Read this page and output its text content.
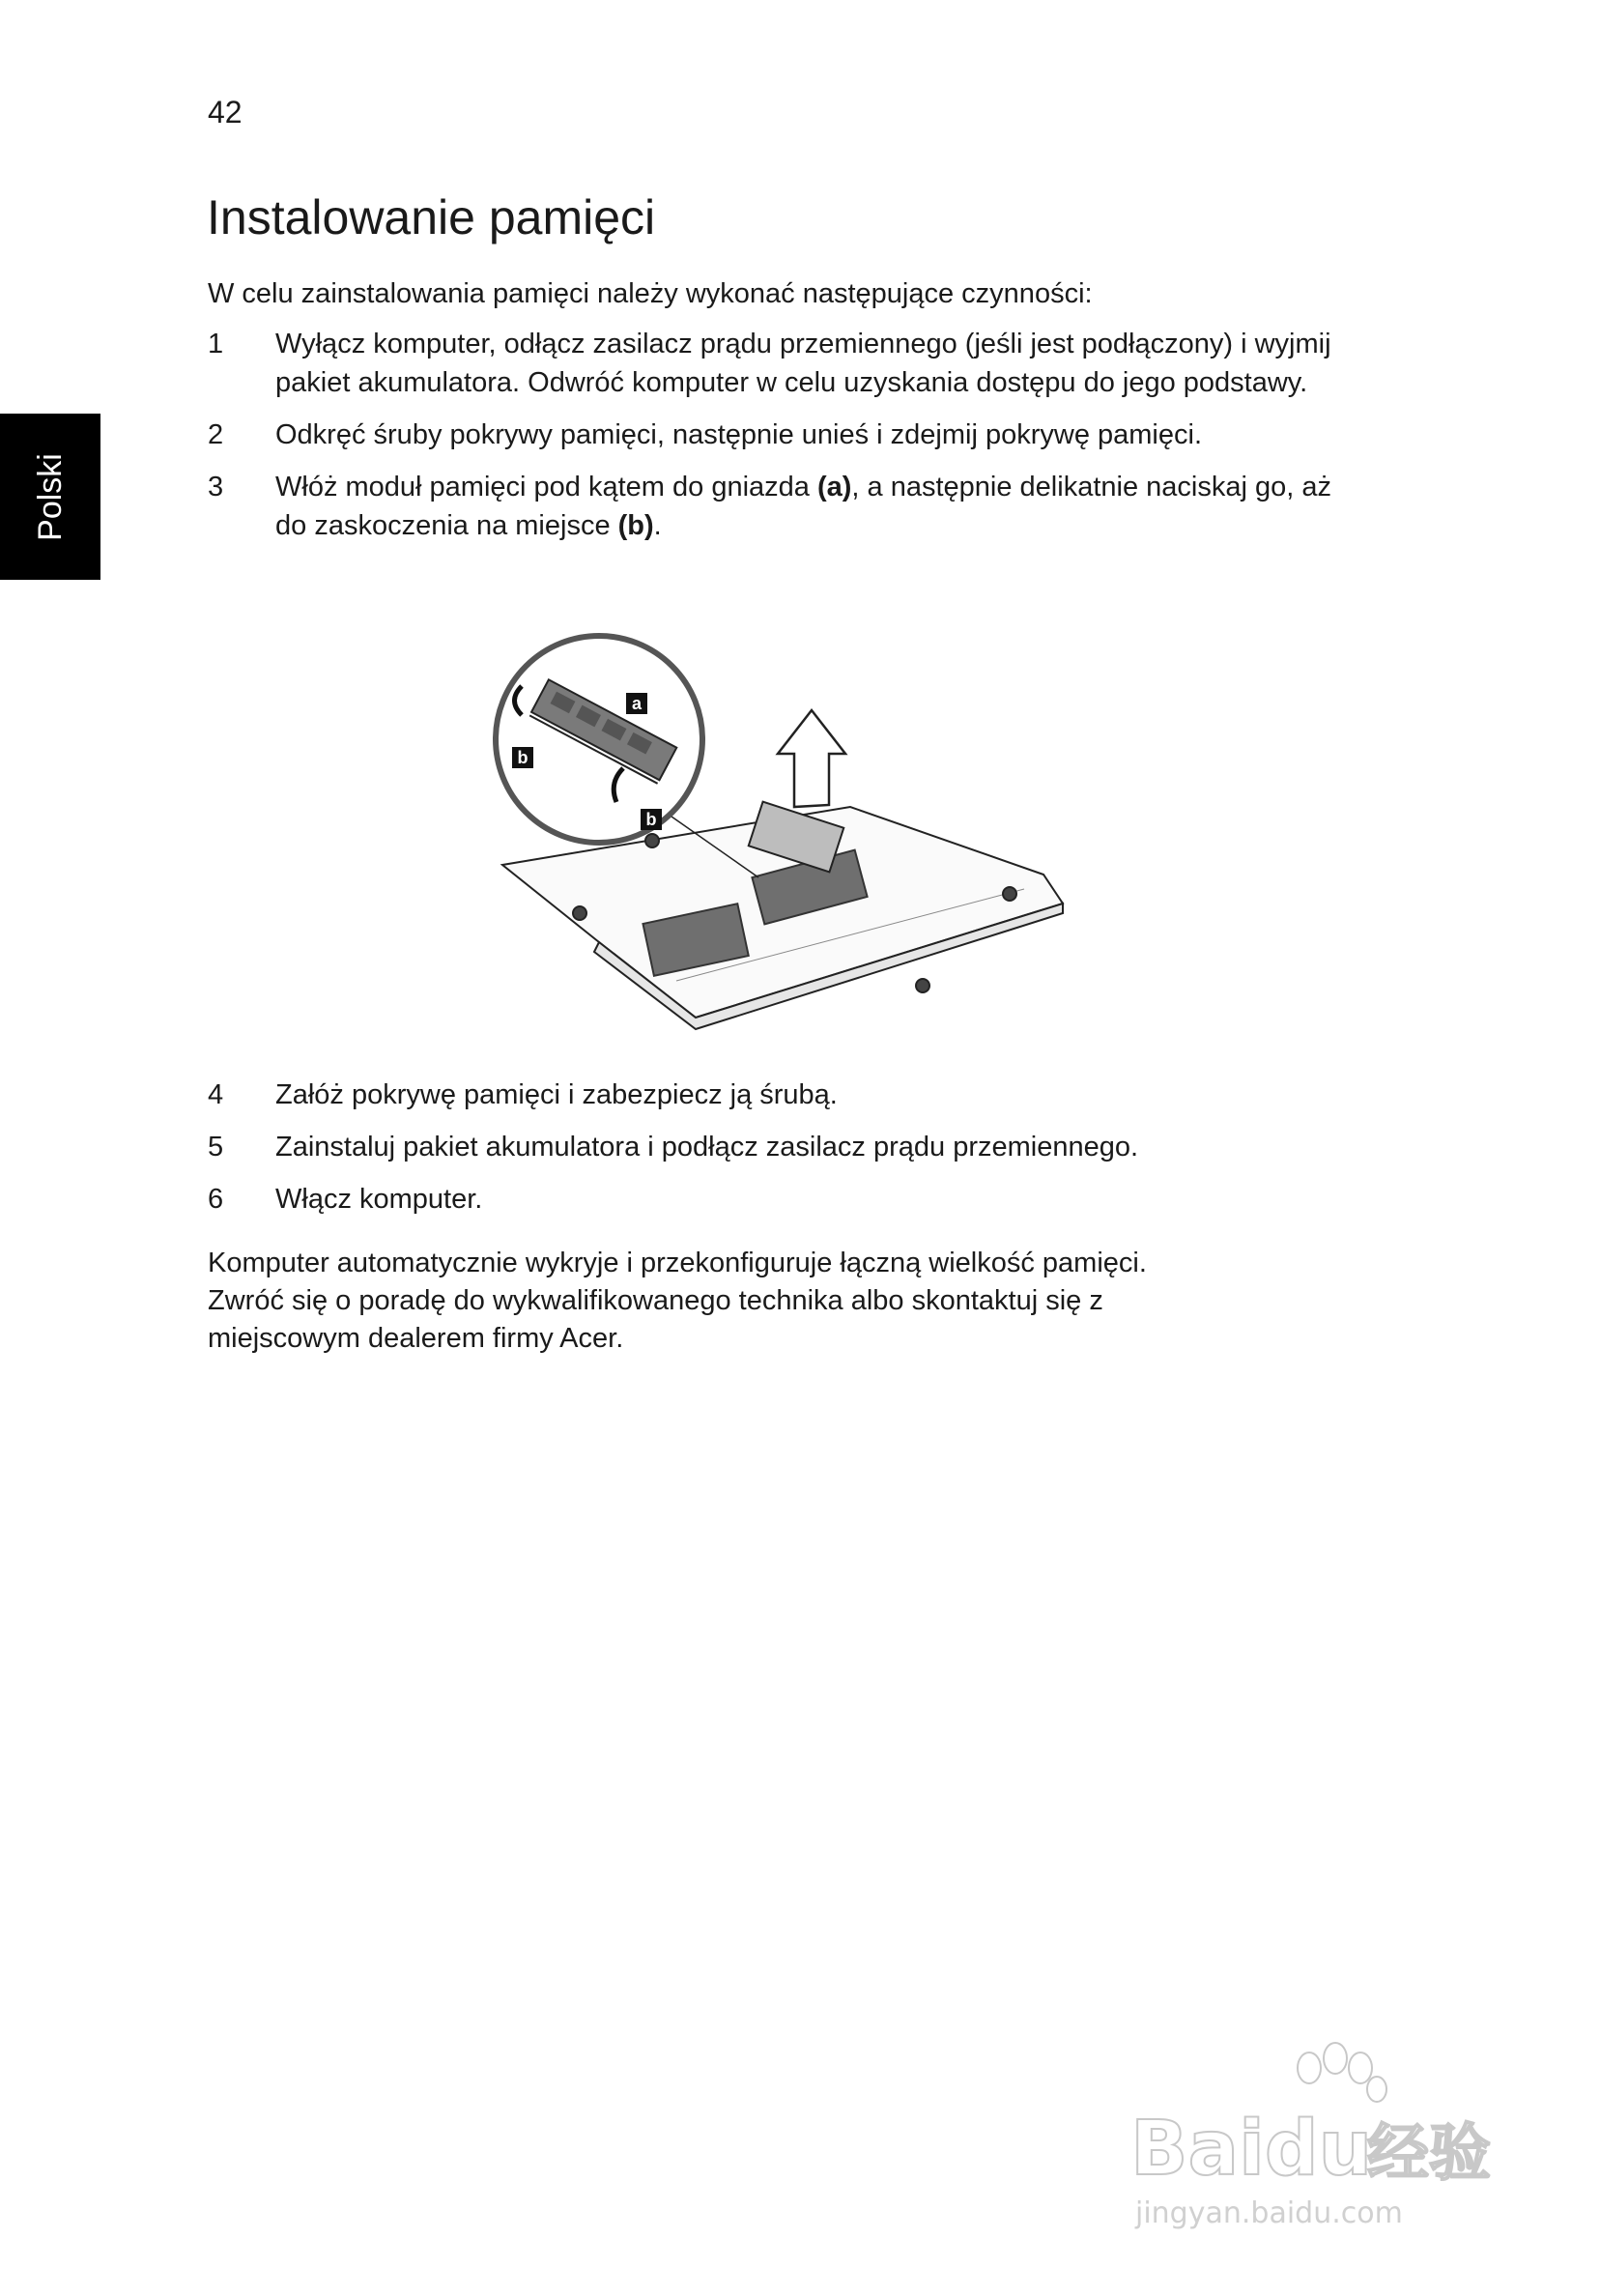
42
Polski
Instalowanie pamięci

W celu zainstalowania pamięci należy wykonać następujące czynności:

1 Wyłącz komputer, odłącz zasilacz prądu przemiennego (jeśli jest podłączony) i wyjmij pakiet akumulatora. Odwróć komputer w celu uzyskania dostępu do jego podstawy.
2 Odkręć śruby pokrywy pamięci, następnie unieś i zdejmij pokrywę pamięci.
3 Włóż moduł pamięci pod kątem do gniazda (a), a następnie delikatnie naciskaj go, aż do zaskoczenia na miejsce (b).
a
b
b
4 Załóż pokrywę pamięci i zabezpiecz ją śrubą.
5 Zainstaluj pakiet akumulatora i podłącz zasilacz prądu przemiennego.
6 Włącz komputer.
Komputer automatycznie wykryje i przekonfiguruje łączną wielkość pamięci.
Zwróć się o poradę do wykwalifikowanego technika albo skontaktuj się z
miejscowym dealerem firmy Acer.
Baidu
经验
jingyan.baidu.com
